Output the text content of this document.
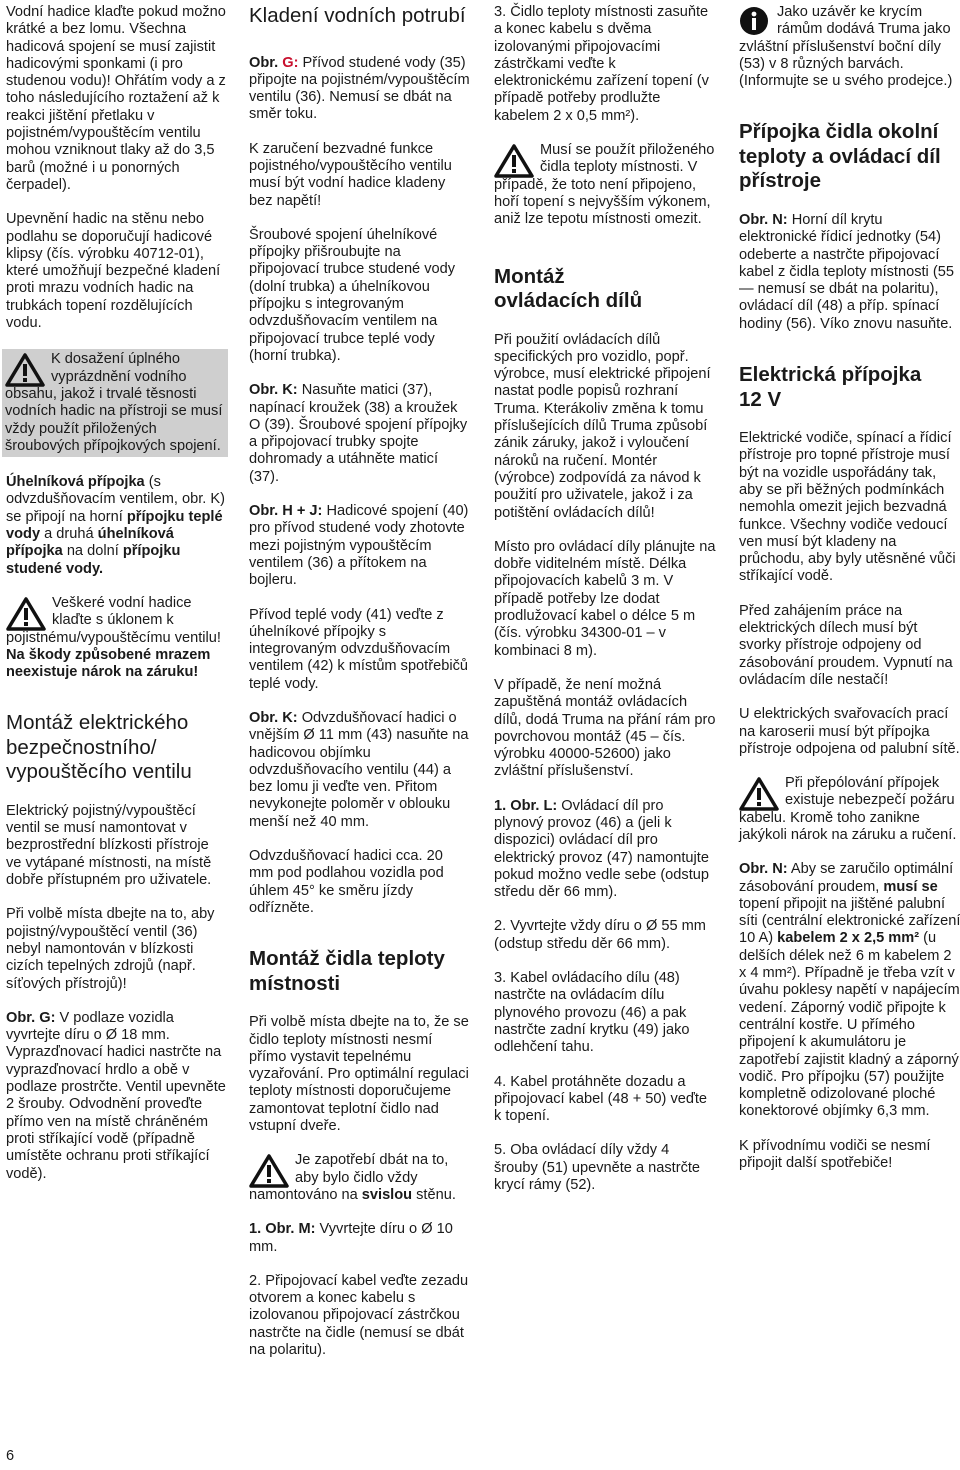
Vodní hadice klaďte pokud možno krátké a bez lomu. Všechna hadicová spojení se musí zajistit hadicovými sponkami (i pro studenou vodu)! Ohřátím vody a z toho následujícího roztažení až k reakci jištění přetlaku v pojistném/vypouštěcím ventilu mohou vzniknout tlaky až do 3,5 barů (možné i u ponorných čerpadel).

Upevnění hadic na stěnu nebo podlahu se doporučují hadicové klipsy (čís. výrobku 40712-01), které umožňují bezpečné kladení proti mrazu vodních hadic na trubkách topení rozdělujících vodu.

K dosažení úplného vyprázdnění vodního obsahu, jakož i trvalé těsnosti vodních hadic na přístroji se musí vždy použít přiložených šroubových přípojkových spojení.

Úhelníková přípojka (s odvzdušňovacím ventilem, obr. K) se připojí na horní přípojku teplé vody a druhá úhelníková přípojka na dolní přípojku studené vody.

Veškeré vodní hadice klaďte s úklonem k pojistnému/vypouštěcímu ventilu! Na škody způsobené mrazem neexistuje nárok na záruku!
Montáž elektrického bezpečnostního/ vypouštěcího ventilu

Elektrický pojistný/vypouštěcí ventil se musí namontovat v bezprostřední blízkosti přístroje ve vytápané místnosti, na místě dobře přístupném pro uživatele.

Při volbě místa dbejte na to, aby pojistný/vypouštěcí ventil (36) nebyl namontován v blízkosti cizích tepelných zdrojů (např. síťových přístrojů)!

Obr. G: V podlaze vozidla vyvrtejte díru o Ø 18 mm. Vyprazďnovací hadici nastrčte na vyprazďnovací hrdlo a obě v podlaze prostrčte. Ventil upevněte 2 šrouby. Odvodnění proveďte přímo ven na místě chráněném proti stříkající vodě (případně umístěte ochranu proti stříkající vodě).

Kladení vodních potrubí

Obr. G: Přívod studené vody (35) připojte na pojistném/vypouštěcím ventilu (36). Nemusí se dbát na směr toku.

K zaručení bezvadné funkce pojistného/vypouštěcího ventilu musí být vodní hadice kladeny bez napětí!

Šroubové spojení úhelníkové přípojky přišroubujte na připojovací trubce studené vody (dolní trubka) a úhelníkovou přípojku s integrovaným odvzdušňovacím ventilem na připojovací trubce teplé vody (horní trubka).

Obr. K: Nasuňte matici (37), napínací kroužek (38) a kroužek O (39). Šroubové spojení přípojky a připojovací trubky spojte dohromady a utáhněte maticí (37).

Obr. H + J: Hadicové spojení (40) pro přívod studené vody zhotovte mezi pojistným vypouštěcím ventilem (36) a přítokem na bojleru.

Přívod teplé vody (41) veďte z úhelníkové přípojky s integrovaným odvzdušňovacím ventilem (42) k místům spotřebičů teplé vody.

Obr. K: Odvzdušňovací hadici o vnějším Ø 11 mm (43) nasuňte na hadicovou objímku odvzdušňovacího ventilu (44) a bez lomu ji veďte ven. Přitom nevykonejte poloměr v oblouku menší než 40 mm.

Odvzdušňovací hadici cca. 20 mm pod podlahou vozidla pod úhlem 45° ke směru jízdy odřízněte.

Montáž čidla teploty místnosti

Při volbě místa dbejte na to, že se čidlo teploty místnosti nesmí přímo vystavit tepelnému vyzařování. Pro optimální regulaci teploty místnosti doporučujeme zamontovat teplotní čidlo nad vstupní dveře.

Je zapotřebí dbát na to, aby bylo čidlo vždy namontováno na svislou stěnu.

1. Obr. M: Vyvrtejte díru o Ø 10 mm.

2. Připojovací kabel veďte zezadu otvorem a konec kabelu s izolovanou připojovací zástrčkou nastrčte na čidle (nemusí se dbát na polaritu).

3. Čidlo teploty místnosti zasuňte a konec kabelu s dvěma izolovanými připojovacími zástrčkami veďte k elektronickému zařízení topení (v případě potřeby prodlužte kabelem 2 x 0,5 mm²).

Musí se použít přiloženého čidla teploty místnosti. V případě, že toto není připojeno, hoří topení s nejvyšším výkonem, aniž lze tepotu místnosti omezit.
Montáž ovládacích dílů

Při použití ovládacích dílů specifických pro vozidlo, popř. výrobce, musí elektrické připojení nastat podle popisů rozhraní Truma. Kterákoliv změna k tomu příslušejících dílů Truma způsobí zánik záruky, jakož i vyloučení nároků na ručení. Montér (výrobce) zodpovídá za návod k použití pro uživatele, jakož i za potištění ovládacích dílů!

Místo pro ovládací díly plánujte na dobře viditelném místě. Délka připojovacích kabelů 3 m. V případě potřeby lze dodat prodlužovací kabel o délce 5 m (čís. výrobku 34300-01 – v kombinaci 8 m).

V případě, že není možná zapuštěná montáž ovládacích dílů, dodá Truma na přání rám pro povrchovou montáž (45 – čís. výrobku 40000-52600) jako zvláštní příslušenství.

1. Obr. L: Ovládací díl pro plynový provoz (46) a (jeli k dispozici) ovládací díl pro elektrický provoz (47) namontujte pokud možno vedle sebe (odstup středu děr 66 mm).

2. Vyvrtejte vždy díru o Ø 55 mm (odstup středu děr 66 mm).

3. Kabel ovládacího dílu (48) nastrčte na ovládacím dílu plynového provozu (46) a pak nastrčte zadní krytku (49) jako odlehčení tahu.

4. Kabel protáhněte dozadu a připojovací kabel (48 + 50) veďte k topení.

5. Oba ovládací díly vždy 4 šrouby (51) upevněte a nastrčte krycí rámy (52).

Jako uzávěr ke krycím rámům dodává Truma jako zvláštní příslušenství boční díly (53) v 8 různých barvách. (Informujte se u svého prodejce.)
Přípojka čidla okolní teploty a ovládací díl přístroje

Obr. N: Horní díl krytu elektronické řídicí jednotky (54) odeberte a nastrčte připojovací kabel z čidla teploty místnosti (55 — nemusí se dbát na polaritu), ovládací díl (48) a příp. spínací hodiny (56). Víko znovu nasuňte.

Elektrická přípojka 12 V

Elektrické vodiče, spínací a řídicí přístroje pro topné přístroje musí být na vozidle uspořádány tak, aby se při běžných podmínkách nemohla omezit jejich bezvadná funkce. Všechny vodiče vedoucí ven musí být kladeny na průchodu, aby byly utěsněné vůči stříkající vodě.

Před zahájením práce na elektrických dílech musí být svorky přístroje odpojeny od zásobování proudem. Vypnutí na ovládacím díle nestačí!

U elektrických svařovacích prací na karoserii musí být přípojka přístroje odpojena od palubní sítě.

Při přepólování přípojek existuje nebezpečí požáru kabelu. Kromě toho zanikne jakýkoli nárok na záruku a ručení.

Obr. N: Aby se zaručilo optimální zásobování proudem, musí se topení připojit na jištěné palubní síti (centrální elektronické zařízení 10 A) kabelem 2 x 2,5 mm² (u delších délek než 6 m kabelem 2 x 4 mm²). Případně je třeba vzít v úvahu poklesy napětí v napájecím vedení. Záporný vodič připojte k centrální kostře. U přímého připojení k akumulátoru je zapotřebí zajistit kladný a záporný vodič. Pro přípojku (57) použijte kompletně odizolované ploché konektorové objímky 6,3 mm.

K přívodnímu vodiči se nesmí připojit další spotřebiče!

6
